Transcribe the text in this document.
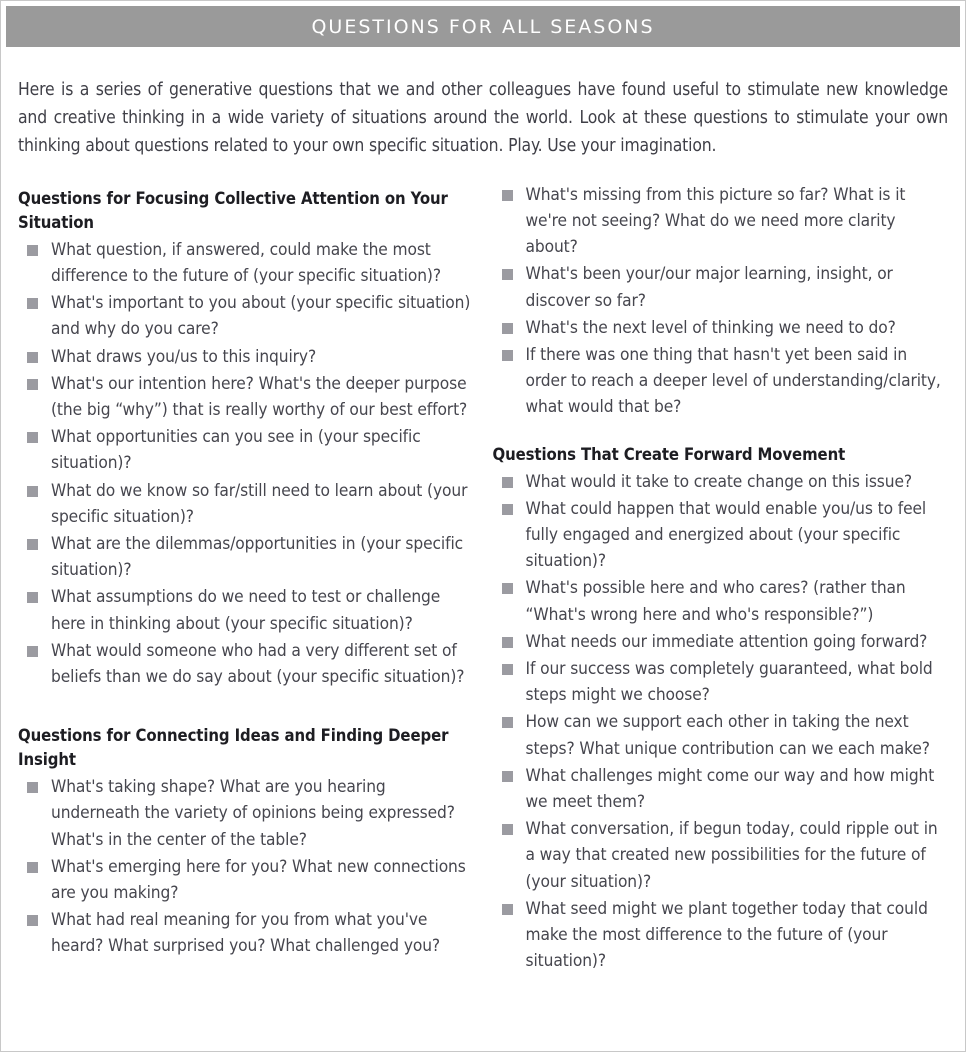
QUESTIONS FOR ALL SEASONS

Here is a series of generative questions that we and other colleagues have found useful to stimulate new knowledge and creative thinking in a wide variety of situations around the world. Look at these questions to stimulate your own thinking about questions related to your own specific situation. Play. Use your imagination.

Questions for Focusing Collective Attention on Your Situation
What question, if answered, could make the most difference to the future of (your specific situation)?
What's important to you about (your specific situation) and why do you care?
What draws you/us to this inquiry?
What's our intention here? What's the deeper purpose (the big “why”) that is really worthy of our best effort?
What opportunities can you see in (your specific situation)?
What do we know so far/still need to learn about (your specific situation)?
What are the dilemmas/opportunities in (your specific situation)?
What assumptions do we need to test or challenge here in thinking about (your specific situation)?
What would someone who had a very different set of beliefs than we do say about (your specific situation)?
Questions for Connecting Ideas and Finding Deeper Insight
What's taking shape? What are you hearing underneath the variety of opinions being expressed? What's in the center of the table?
What's emerging here for you? What new connections are you making?
What had real meaning for you from what you've heard? What surprised you? What challenged you?
What's missing from this picture so far? What is it we're not seeing? What do we need more clarity about?
What's been your/our major learning, insight, or discover so far?
What's the next level of thinking we need to do?
If there was one thing that hasn't yet been said in order to reach a deeper level of understanding/clarity, what would that be?
Questions That Create Forward Movement
What would it take to create change on this issue?
What could happen that would enable you/us to feel fully engaged and energized about (your specific situation)?
What's possible here and who cares? (rather than “What's wrong here and who's responsible?”)
What needs our immediate attention going forward?
If our success was completely guaranteed, what bold steps might we choose?
How can we support each other in taking the next steps? What unique contribution can we each make?
What challenges might come our way and how might we meet them?
What conversation, if begun today, could ripple out in a way that created new possibilities for the future of (your situation)?
What seed might we plant together today that could make the most difference to the future of (your situation)?
